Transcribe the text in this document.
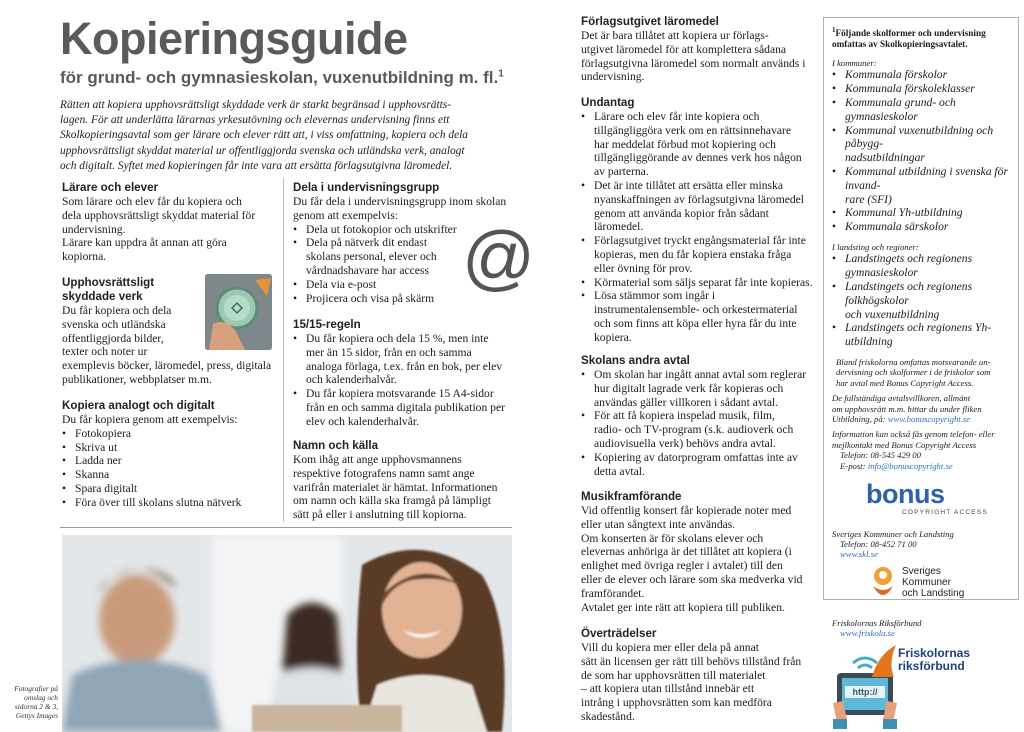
Kopieringsguide
för grund- och gymnasieskolan, vuxenutbildning m. fl.$^1$
Rätten att kopiera upphovsrättsligt skyddade verk är starkt begränsad i upphovsrätts-
lagen. För att underlätta lärarnas yrkesutövning och elevernas undervisning finns ett
Skolkopieringsavtal som ger lärare och elever rätt att, i viss omfattning, kopiera och dela
upphovsrättsligt skyddat material ur offentliggjorda svenska och utländska verk, analogt
och digitalt. Syftet med kopieringen får inte vara att ersätta förlagsutgivna läromedel.
Lärare och elever
Som lärare och elev får du kopiera och
dela upphovsrättsligt skyddat material för
undervisning.
Lärare kan uppdra åt annan att göra
kopiorna.
Upphovsrättsligt
skyddade verk
Du får kopiera och dela
svenska och utländska
offentliggjorda bilder,
texter och noter ur
exemplevis böcker, läromedel, press, digitala
publikationer, webbplatser m.m.
Kopiera analogt och digitalt
Du får kopiera genom att exempelvis:
• Fotokopiera
• Skriva ut
• Ladda ner
• Skanna
• Spara digitalt
• Föra över till skolans slutna nätverk
Dela i undervisningsgrupp
Du får dela i undervisningsgrupp inom skolan
genom att exempelvis:
• Dela ut fotokopior och utskrifter
• Dela på nätverk dit endast
skolans personal, elever och
vårdnadshavare har access
• Dela via e-post
• Projicera och visa på skärm
@
15/15-regeln
• Du får kopiera och dela 15 %, men inte
mer än 15 sidor, från en och samma
analoga förlaga, t.ex. från en bok, per elev
och kalenderhalvår.
• Du får kopiera motsvarande 15 A4-sidor
från en och samma digitala publikation per
elev och kalenderhalvår.
Namn och källa
Kom ihåg att ange upphovsmannens
respektive fotografens namn samt ange
varifrån materialet är hämtat. Informationen
om namn och källa ska framgå på lämpligt
sätt på eller i anslutning till kopiorna.
Fotografier på
omslag och
sidorna 2 & 3,
Gettys Images
Förlagsutgivet läromedel
Det är bara tillåtet att kopiera ur förlags-
utgivet läromedel för att komplettera sådana
förlagsutgivna läromedel som normalt används i
undervisning.
Undantag
• Lärare och elev får inte kopiera och
tillgängliggöra verk om en rättsinnehavare
har meddelat förbud mot kopiering och
tillgängliggörande av dennes verk hos någon
av parterna.
• Det är inte tillåtet att ersätta eller minska
nyanskaffningen av förlagsutgivna läromedel
genom att använda kopior från sådant
läromedel.
• Förlagsutgivet tryckt engångsmaterial får inte
kopieras, men du får kopiera enstaka fråga
eller övning för prov.
• Körmaterial som säljs separat får inte kopieras.
• Lösa stämmor som ingår i
instrumentalensemble- och orkestermaterial
och som finns att köpa eller hyra får du inte
kopiera.
Skolans andra avtal
• Om skolan har ingått annat avtal som reglerar
hur digitalt lagrade verk får kopieras och
användas gäller villkoren i sådant avtal.
• För att få kopiera inspelad musik, film,
radio- och TV-program (s.k. audioverk och
audiovisuella verk) behövs andra avtal.
• Kopiering av datorprogram omfattas inte av
detta avtal.
Musikframförande
Vid offentlig konsert får kopierade noter med
eller utan sångtext inte användas.
Om konserten är för skolans elever och
elevernas anhöriga är det tillåtet att kopiera (i
enlighet med övriga regler i avtalet) till den
eller de elever och lärare som ska medverka vid
framförandet.
Avtalet ger inte rätt att kopiera till publiken.
Överträdelser
Vill du kopiera mer eller dela på annat
sätt än licensen ger rätt till behövs tillstånd från
de som har upphovsrätten till materialet
– att kopiera utan tillstånd innebär ett
intrång i upphovsrätten som kan medföra
skadestånd.
http://
$^1$Följande skolformer och undervisning
omfattas av Skolkopieringsavtalet.
I kommuner:
• Kommunala förskolor
• Kommunala förskoleklasser
• Kommunala grund- och gymnasieskolor
• Kommunal vuxenutbildning och påbygg-
nadsutbildningar
• Kommunal utbildning i svenska för invand-
rare (SFI)
• Kommunal Yh-utbildning
• Kommunala särskolor
I landsting och regioner:
• Landstingets och regionens gymnasieskolor
• Landstingets och regionens folkhögskolor
och vuxenutbildning
• Landstingets och regionens Yh-utbildning
Bland friskolorna omfattas motsvarande un-
dervisning och skolformer i de friskolor som
har avtal med Bonus Copyright Access.
De fullständiga avtalsvillkoren, allmänt
om upphovsrätt m.m. hittar du under fliken
Utbildning, på: www.bonuscopyright.se
Information kan också fås genom telefon- eller
mejlkontakt med Bonus Copyright Access
Telefon: 08-545 429 00
E-post: info@bonuscopyright.se
bonus
COPYRIGHT ACCESS
Sveriges Kommuner och Landsting
Telefon: 08-452 71 00
www.skl.se
Sveriges
Kommuner
och Landsting
Friskolornas Riksförbund
www.friskola.se
Friskolornas
riksförbund
